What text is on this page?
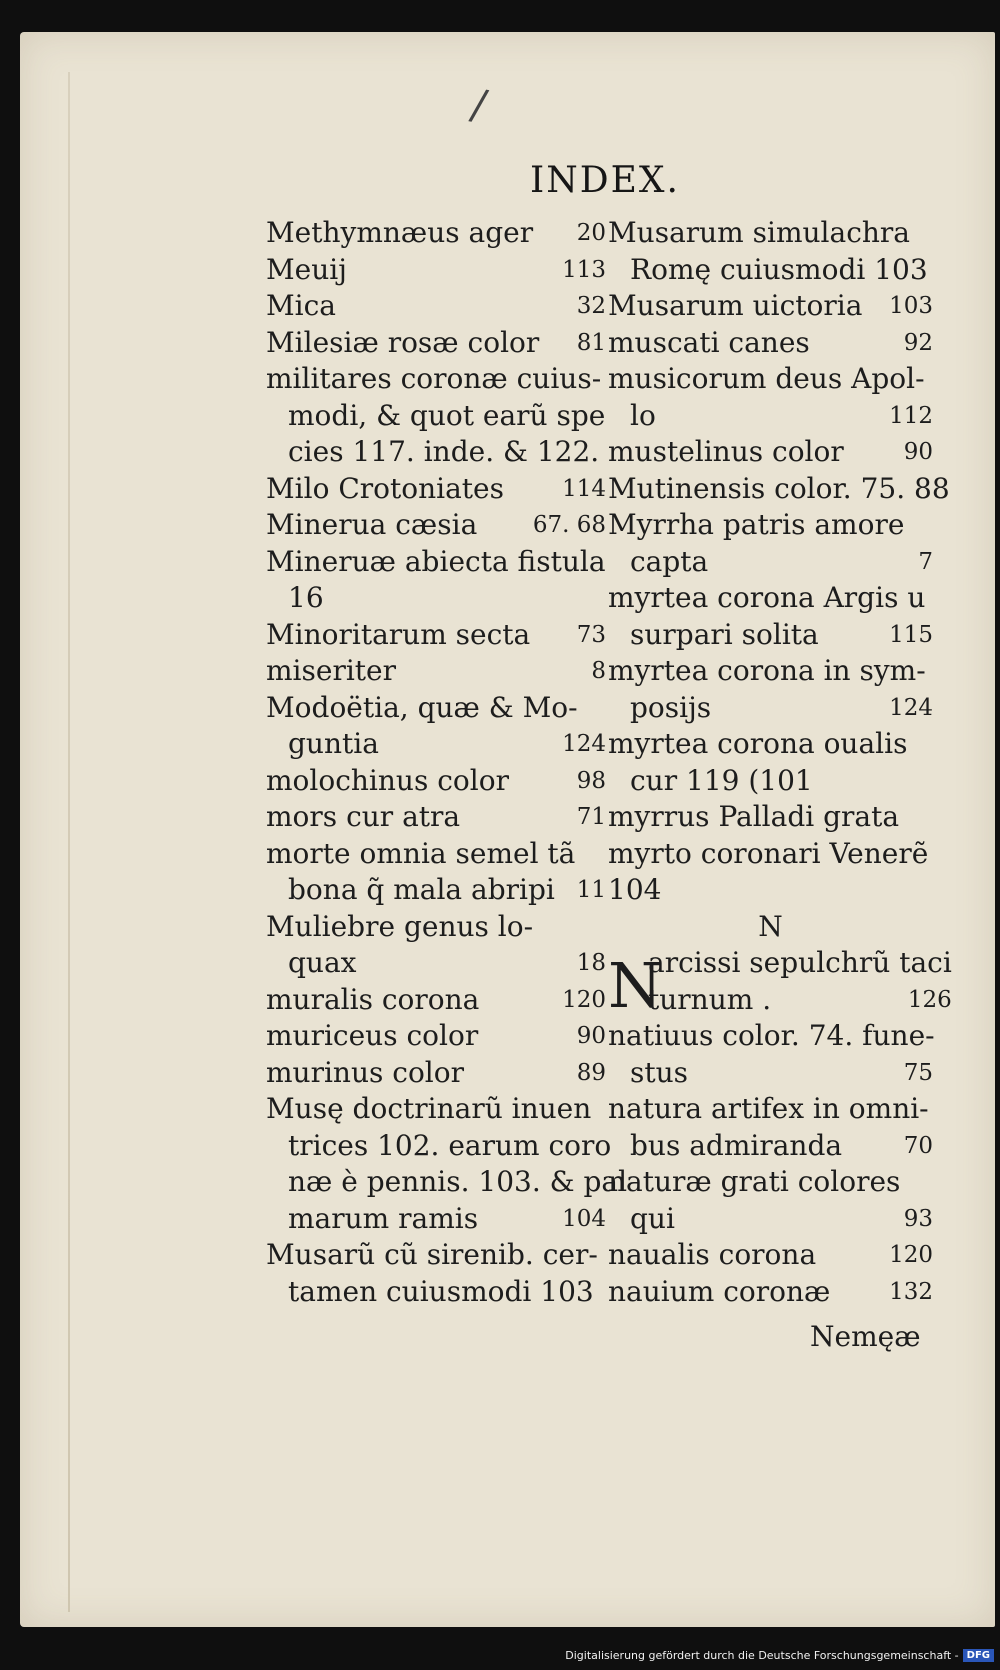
/
INDEX.
Methymnæus ager 20
Meuij	113
Mica	32
Milesiæ rosæ color 81
militares coronæ cuius-
modi, & quot earũ spe
cies 117. inde. & 122.
Milo Crotoniates	114
Minerua cæsia 67. 68
Mineruæ abiecta fistula
16
Minoritarum secta 73
miseriter	8
Modoëtia, quæ & Mo-
guntia	124
molochinus color	98
mors cur atra	71
morte omnia semel tã
bona q̃ mala abripi 11
Muliebre genus lo-
quax	18
muralis corona	120
muriceus color	90
murinus color	89
Musę doctrinarũ inuen
trices 102. earum coro
næ è pennis. 103. & pal
marum ramis	104
Musarũ cũ sirenib. cer-
tamen cuiusmodi 103
Musarum simulachra
Romę cuiusmodi 103
Musarum uictoria 103
muscati canes	92
musicorum deus Apol-
lo	112
mustelinus color	90
Mutinensis color. 75. 88
Myrrha patris amore
capta	7
myrtea corona Argis u
surpari solita	115
myrtea corona in sym-
posijs	124
myrtea corona oualis
cur 119 (101
myrrus Palladi grata
myrto coronari Venerẽ
104
N
N
arcissi sepulchrũ taci
turnum .	126
natiuus color. 74. fune-
stus	75
natura artifex in omni-
bus admiranda	70
naturæ grati colores
qui	93
naualis corona	120
nauium coronæ	132
Nemęæ
Digitalisierung gefördert durch die Deutsche Forschungsgemeinschaft - DFG
